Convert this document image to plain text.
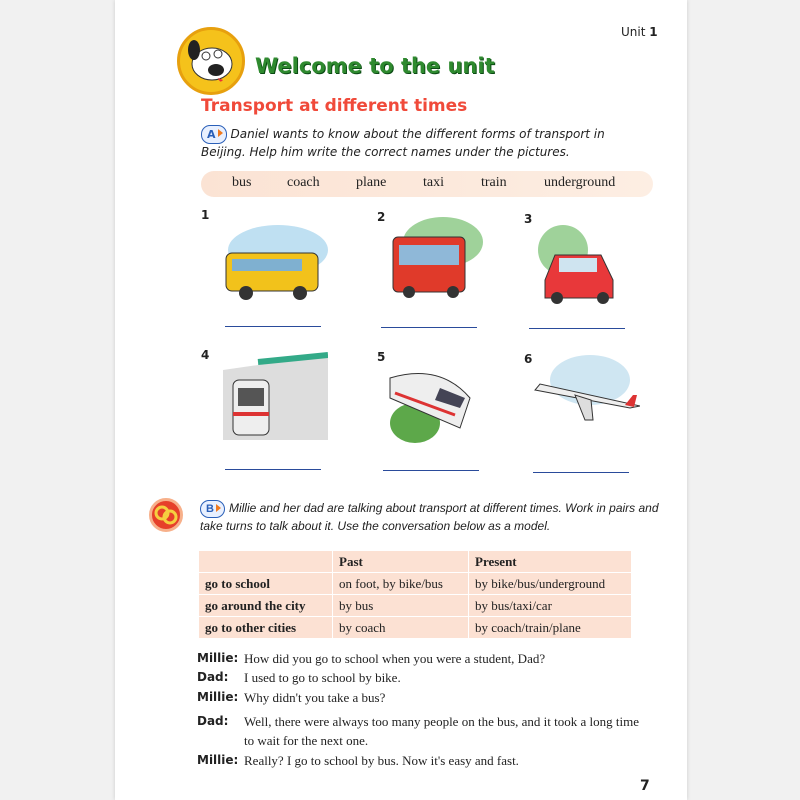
Unit 1
Welcome to the unit
Transport at different times
A Daniel wants to know about the different forms of transport in Beijing. Help him write the correct names under the pictures.
bus	coach	plane	taxi	train	underground
1	2	3
4	5	6
B Millie and her dad are talking about transport at different times. Work in pairs and take turns to talk about it. Use the conversation below as a model.
	Past	Present
go to school	on foot, by bike/bus	by bike/bus/underground
go around the city	by bus	by bus/taxi/car
go to other cities	by coach	by coach/train/plane
Millie: How did you go to school when you were a student, Dad?
Dad: I used to go to school by bike.
Millie: Why didn't you take a bus?
Dad: Well, there were always too many people on the bus, and it took a long time to wait for the next one.
Millie: Really? I go to school by bus. Now it's easy and fast.
7
